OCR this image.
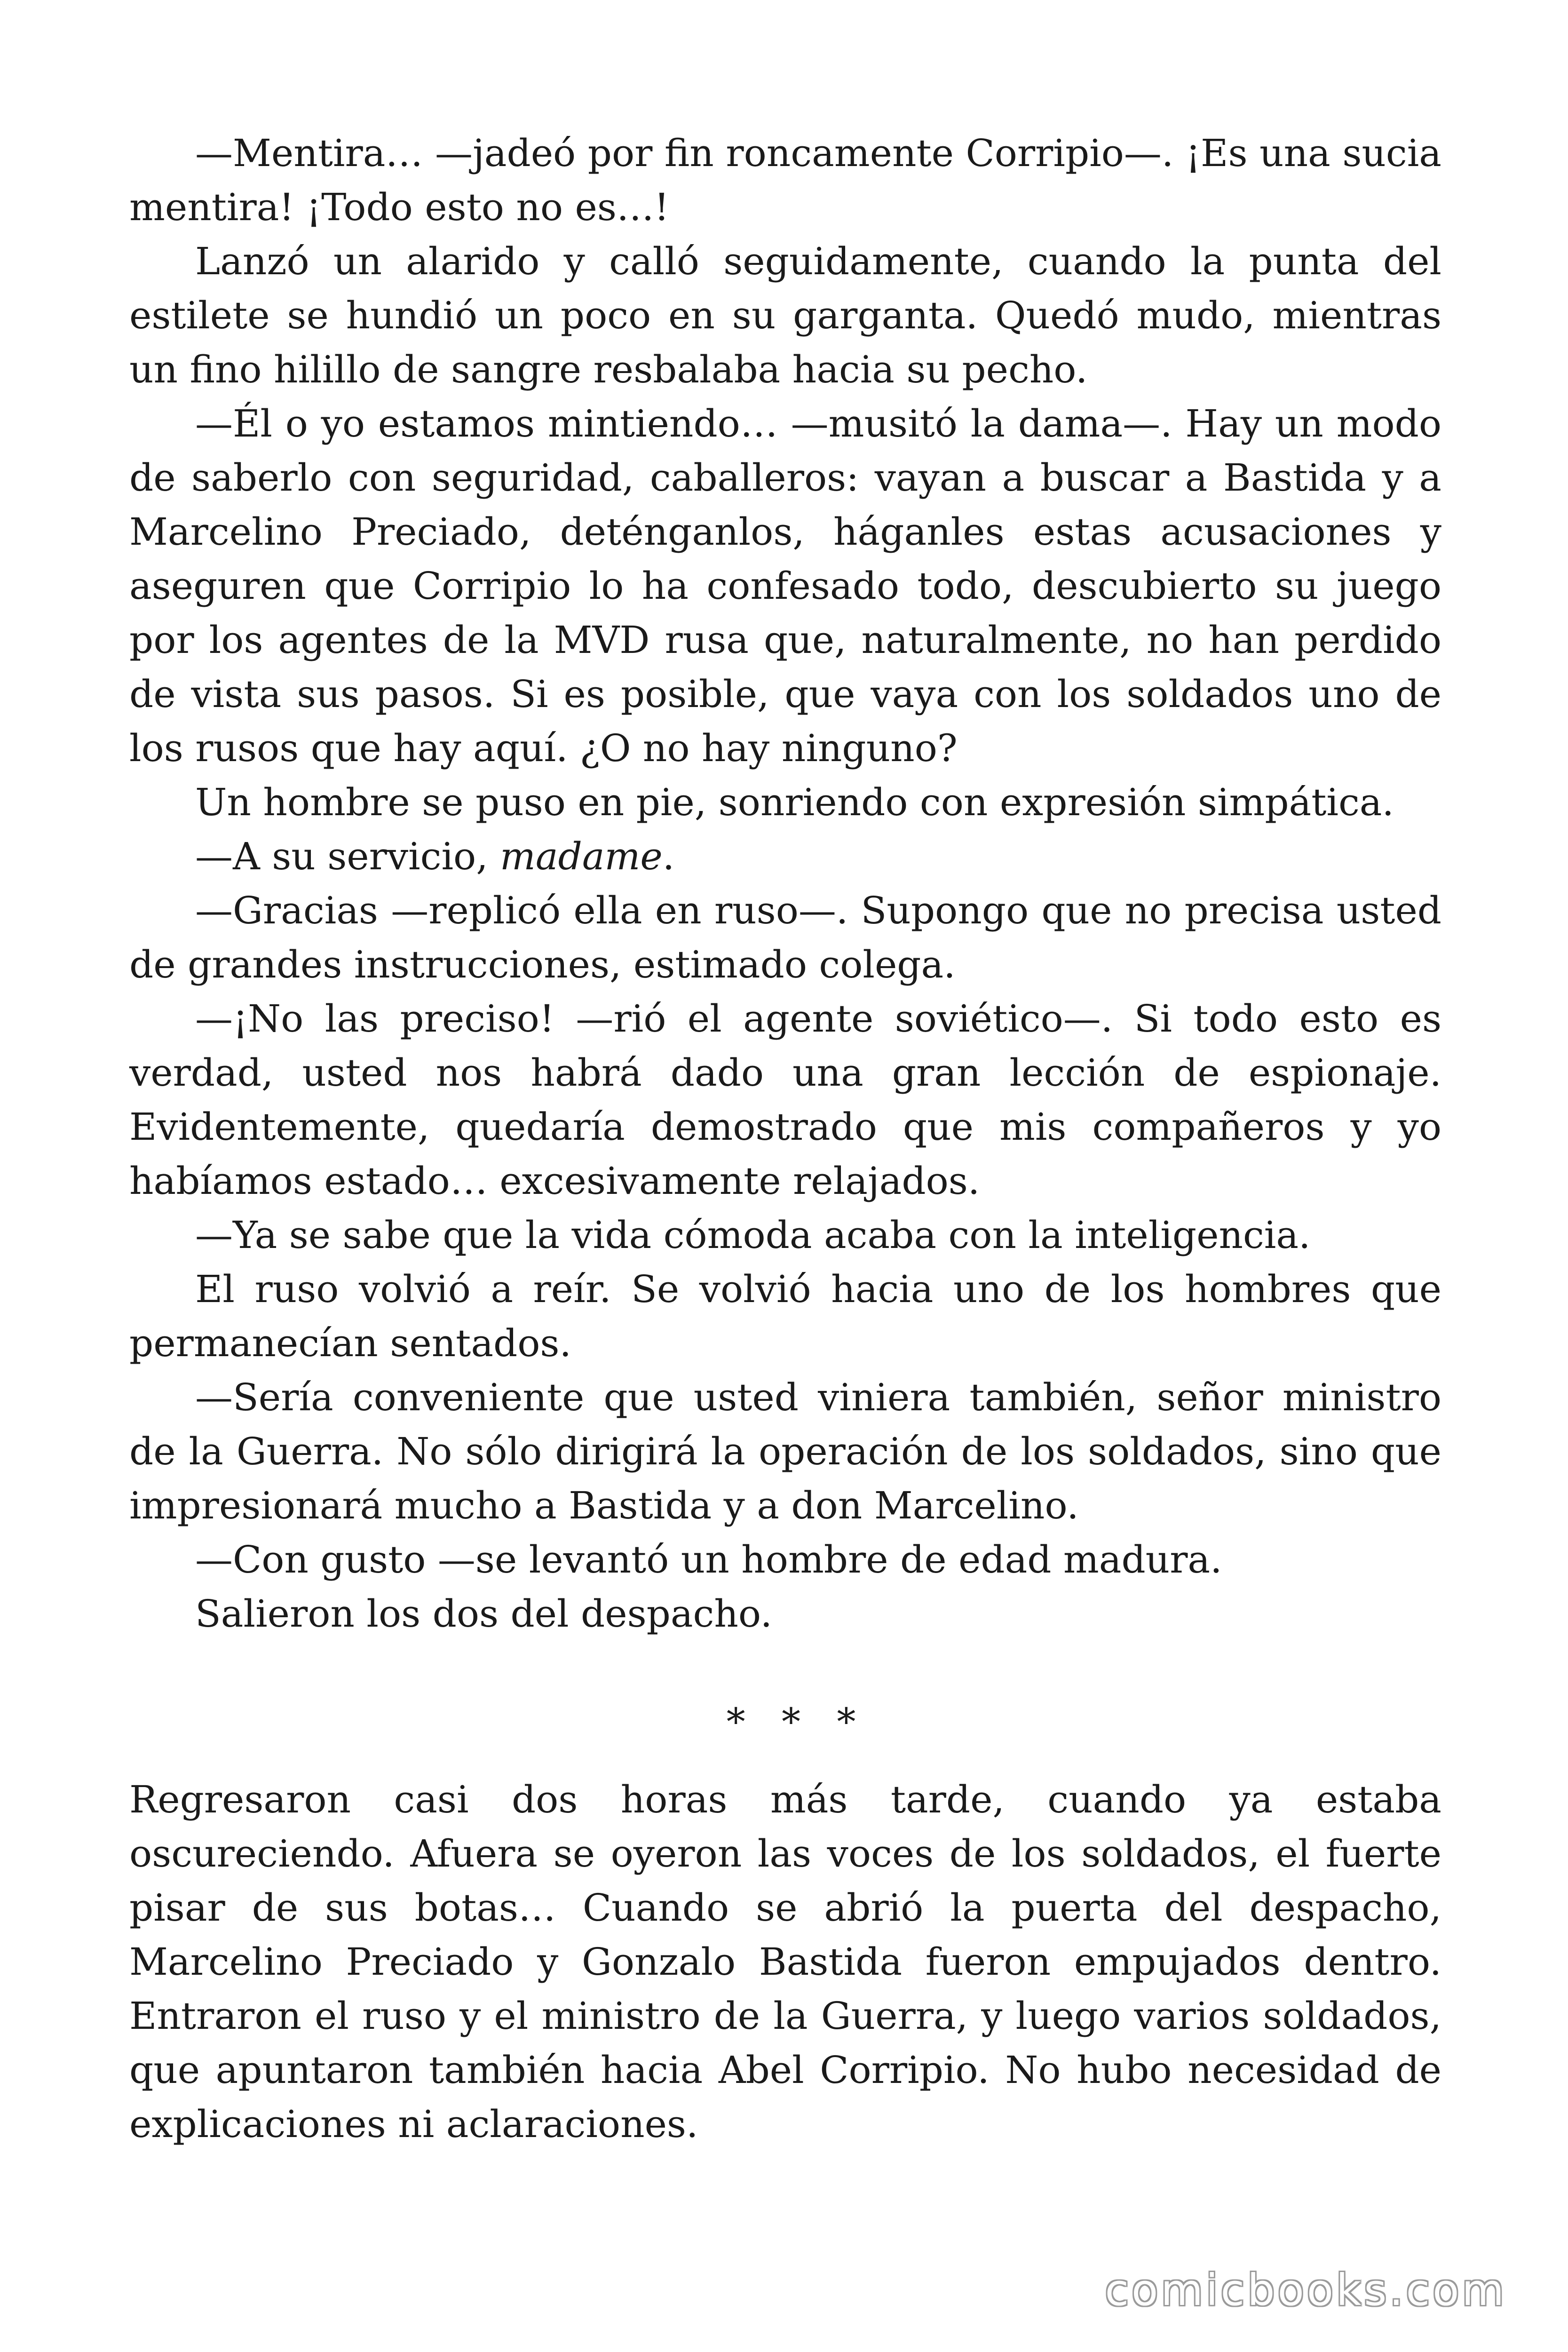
—Mentira… —jadeó por fin roncamente Corripio—. ¡Es una sucia mentira! ¡Todo esto no es…!

Lanzó un alarido y calló seguidamente, cuando la punta del estilete se hundió un poco en su garganta. Quedó mudo, mientras un fino hilillo de sangre resbalaba hacia su pecho.

—Él o yo estamos mintiendo… —musitó la dama—. Hay un modo de saberlo con seguridad, caballeros: vayan a buscar a Bastida y a Marcelino Preciado, deténganlos, háganles estas acusaciones y aseguren que Corripio lo ha confesado todo, descubierto su juego por los agentes de la MVD rusa que, naturalmente, no han perdido de vista sus pasos. Si es posible, que vaya con los soldados uno de los rusos que hay aquí. ¿O no hay ninguno?

Un hombre se puso en pie, sonriendo con expresión simpática.

—A su servicio, madame.

—Gracias —replicó ella en ruso—. Supongo que no precisa usted de grandes instrucciones, estimado colega.

—¡No las preciso! —rió el agente soviético—. Si todo esto es verdad, usted nos habrá dado una gran lección de espionaje. Evidentemente, quedaría demostrado que mis compañeros y yo habíamos estado… excesivamente relajados.

—Ya se sabe que la vida cómoda acaba con la inteligencia.

El ruso volvió a reír. Se volvió hacia uno de los hombres que permanecían sentados.

—Sería conveniente que usted viniera también, señor ministro de la Guerra. No sólo dirigirá la operación de los soldados, sino que impresionará mucho a Bastida y a don Marcelino.

—Con gusto —se levantó un hombre de edad madura.

Salieron los dos del despacho.

* * *

Regresaron casi dos horas más tarde, cuando ya estaba oscureciendo. Afuera se oyeron las voces de los soldados, el fuerte pisar de sus botas… Cuando se abrió la puerta del despacho, Marcelino Preciado y Gonzalo Bastida fueron empujados dentro. Entraron el ruso y el ministro de la Guerra, y luego varios soldados, que apuntaron también hacia Abel Corripio. No hubo necesidad de explicaciones ni aclaraciones.

comicbooks.com
